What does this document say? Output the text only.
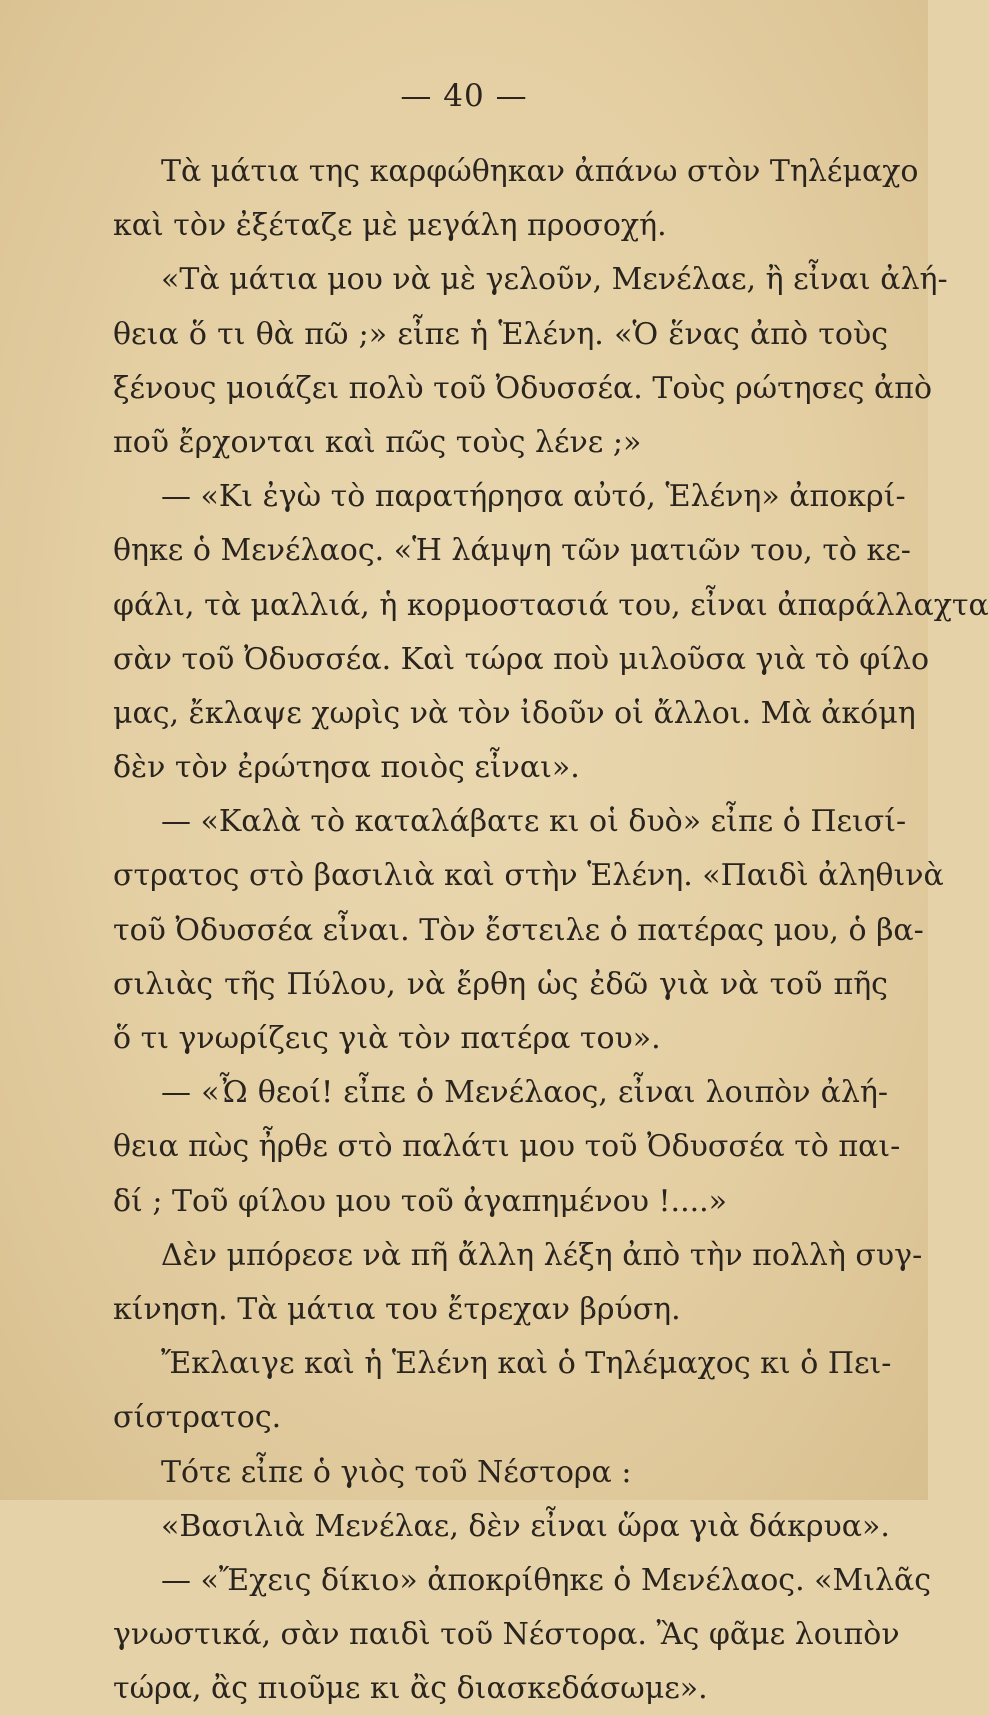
— 40 —
Τὰ μάτια της καρφώθηκαν ἀπάνω στὸν Τηλέμαχο
καὶ τὸν ἐξέταζε μὲ μεγάλη προσοχή.
«Τὰ μάτια μου νὰ μὲ γελοῦν, Μενέλαε, ἢ εἶναι ἀλή-
θεια ὅ τι θὰ πῶ ;» εἶπε ἡ Ἑλένη. «Ὁ ἕνας ἀπὸ τοὺς
ξένους μοιάζει πολὺ τοῦ Ὀδυσσέα. Τοὺς ρώτησες ἀπὸ
ποῦ ἔρχονται καὶ πῶς τοὺς λένε ;»
— «Κι ἐγὼ τὸ παρατήρησα αὐτό, Ἑλένη» ἀποκρί-
θηκε ὁ Μενέλαος. «Ἡ λάμψη τῶν ματιῶν του, τὸ κε-
φάλι, τὰ μαλλιά, ἡ κορμοστασιά του, εἶναι ἀπαράλλαχτα
σὰν τοῦ Ὀδυσσέα. Καὶ τώρα ποὺ μιλοῦσα γιὰ τὸ φίλο
μας, ἔκλαψε χωρὶς νὰ τὸν ἰδοῦν οἱ ἄλλοι. Μὰ ἀκόμη
δὲν τὸν ἐρώτησα ποιὸς εἶναι».
— «Καλὰ τὸ καταλάβατε κι οἱ δυὸ» εἶπε ὁ Πεισί-
στρατος στὸ βασιλιὰ καὶ στὴν Ἑλένη. «Παιδὶ ἀληθινὰ
τοῦ Ὀδυσσέα εἶναι. Τὸν ἔστειλε ὁ πατέρας μου, ὁ βα-
σιλιὰς τῆς Πύλου, νὰ ἔρθη ὡς ἐδῶ γιὰ νὰ τοῦ πῆς
ὅ τι γνωρίζεις γιὰ τὸν πατέρα του».
— «Ὦ θεοί! εἶπε ὁ Μενέλαος, εἶναι λοιπὸν ἀλή-
θεια πὼς ἦρθε στὸ παλάτι μου τοῦ Ὀδυσσέα τὸ παι-
δί ; Τοῦ φίλου μου τοῦ ἀγαπημένου !....»
Δὲν μπόρεσε νὰ πῆ ἄλλη λέξη ἀπὸ τὴν πολλὴ συγ-
κίνηση. Τὰ μάτια του ἔτρεχαν βρύση.
Ἔκλαιγε καὶ ἡ Ἑλένη καὶ ὁ Τηλέμαχος κι ὁ Πει-
σίστρατος.
Τότε εἶπε ὁ γιὸς τοῦ Νέστορα :
«Βασιλιὰ Μενέλαε, δὲν εἶναι ὥρα γιὰ δάκρυα».
— «Ἔχεις δίκιο» ἀποκρίθηκε ὁ Μενέλαος. «Μιλᾶς
γνωστικά, σὰν παιδὶ τοῦ Νέστορα. Ἂς φᾶμε λοιπὸν
τώρα, ἂς πιοῦμε κι ἂς διασκεδάσωμε».
